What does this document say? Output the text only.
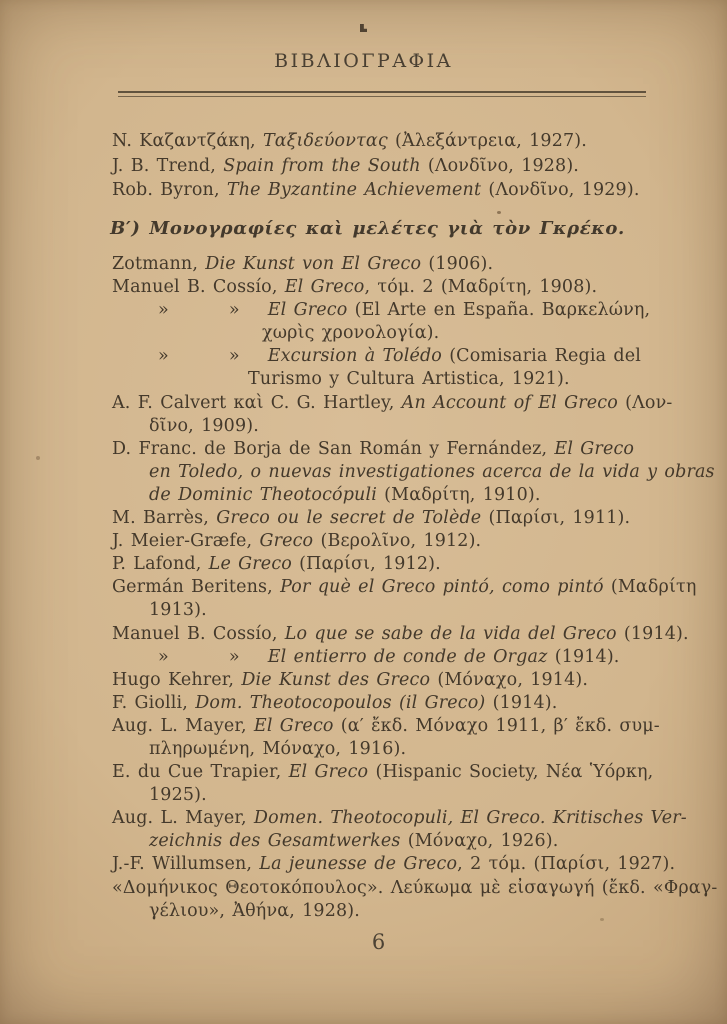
ΒΙΒΛΙΟΓΡΑΦΙΑ
N. Καζαντζάκη, Ταξιδεύοντας (Ἀλεξάντρεια, 1927).
J. B. Trend, Spain from the South (Λονδῖνο, 1928).
Rob. Byron, The Byzantine Achievement (Λονδῖνο, 1929).
Β′) Μονογραφίες καὶ μελέτες γιὰ τὸν Γκρέκο.
Zotmann, Die Kunst von El Greco (1906).
Manuel B. Cossío, El Greco, τόμ. 2 (Μαδρίτη, 1908).
»	» El Greco (El Arte en España. Βαρκελώνη,
χωρὶς χρονολογία).
»	» Excursion à Tolédo (Comisaria Regia del
Turismo y Cultura Artistica, 1921).
A. F. Calvert καὶ C. G. Hartley, An Account of El Greco (Λον-
δῖνο, 1909).
D. Franc. de Borja de San Román y Fernández, El Greco
en Toledo, o nuevas investigationes acerca de la vida y obras
de Dominic Theotocópuli (Μαδρίτη, 1910).
M. Barrès, Greco ou le secret de Tolède (Παρίσι, 1911).
J. Meier-Græfe, Greco (Βερολῖνο, 1912).
P. Lafond, Le Greco (Παρίσι, 1912).
Germán Beritens, Por què el Greco pintó, como pintó (Μαδρίτη
1913).
Manuel B. Cossío, Lo que se sabe de la vida del Greco (1914).
»	» El entierro de conde de Orgaz (1914).
Hugo Kehrer, Die Kunst des Greco (Μόναχο, 1914).
F. Giolli, Dom. Theotocopoulos (il Greco) (1914).
Aug. L. Mayer, El Greco (α′ ἔκδ. Μόναχο 1911, β′ ἔκδ. συμ-
πληρωμένη, Μόναχο, 1916).
E. du Cue Trapier, El Greco (Hispanic Society, Νέα Ὑόρκη,
1925).
Aug. L. Mayer, Domen. Theotocopuli, El Greco. Kritisches Ver-
zeichnis des Gesamtwerkes (Μόναχο, 1926).
J.-F. Willumsen, La jeunesse de Greco, 2 τόμ. (Παρίσι, 1927).
«Δομήνικος Θεοτοκόπουλος». Λεύκωμα μὲ εἰσαγωγή (ἔκδ. «Φραγ-
γέλιου», Ἀθήνα, 1928).
6
